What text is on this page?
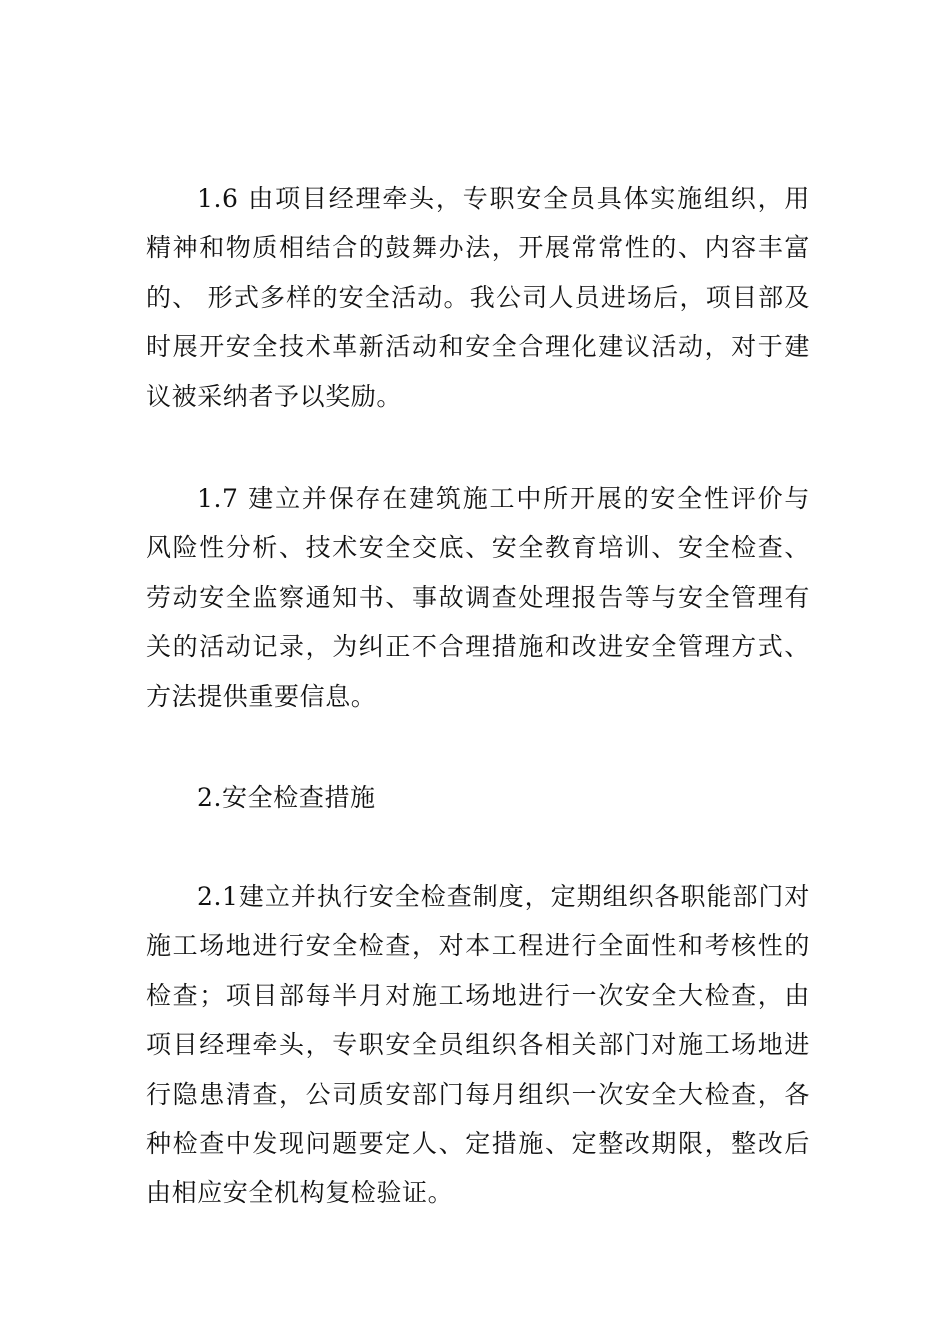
1.6 由项目经理牵头，专职安全员具体实施组织，用精神和物质相结合的鼓舞办法，开展常常性的、内容丰富的、 形式多样的安全活动。我公司人员进场后，项目部及时展开安全技术革新活动和安全合理化建议活动，对于建议被采纳者予以奖励。

1.7 建立并保存在建筑施工中所开展的安全性评价与风险性分析、技术安全交底、安全教育培训、安全检查、劳动安全监察通知书、事故调查处理报告等与安全管理有关的活动记录，为纠正不合理措施和改进安全管理方式、方法提供重要信息。

2.安全检查措施

2.1建立并执行安全检查制度，定期组织各职能部门对施工场地进行安全检查，对本工程进行全面性和考核性的检查；项目部每半月对施工场地进行一次安全大检查，由项目经理牵头，专职安全员组织各相关部门对施工场地进行隐患清查，公司质安部门每月组织一次安全大检查，各种检查中发现问题要定人、定措施、定整改期限，整改后由相应安全机构复检验证。
